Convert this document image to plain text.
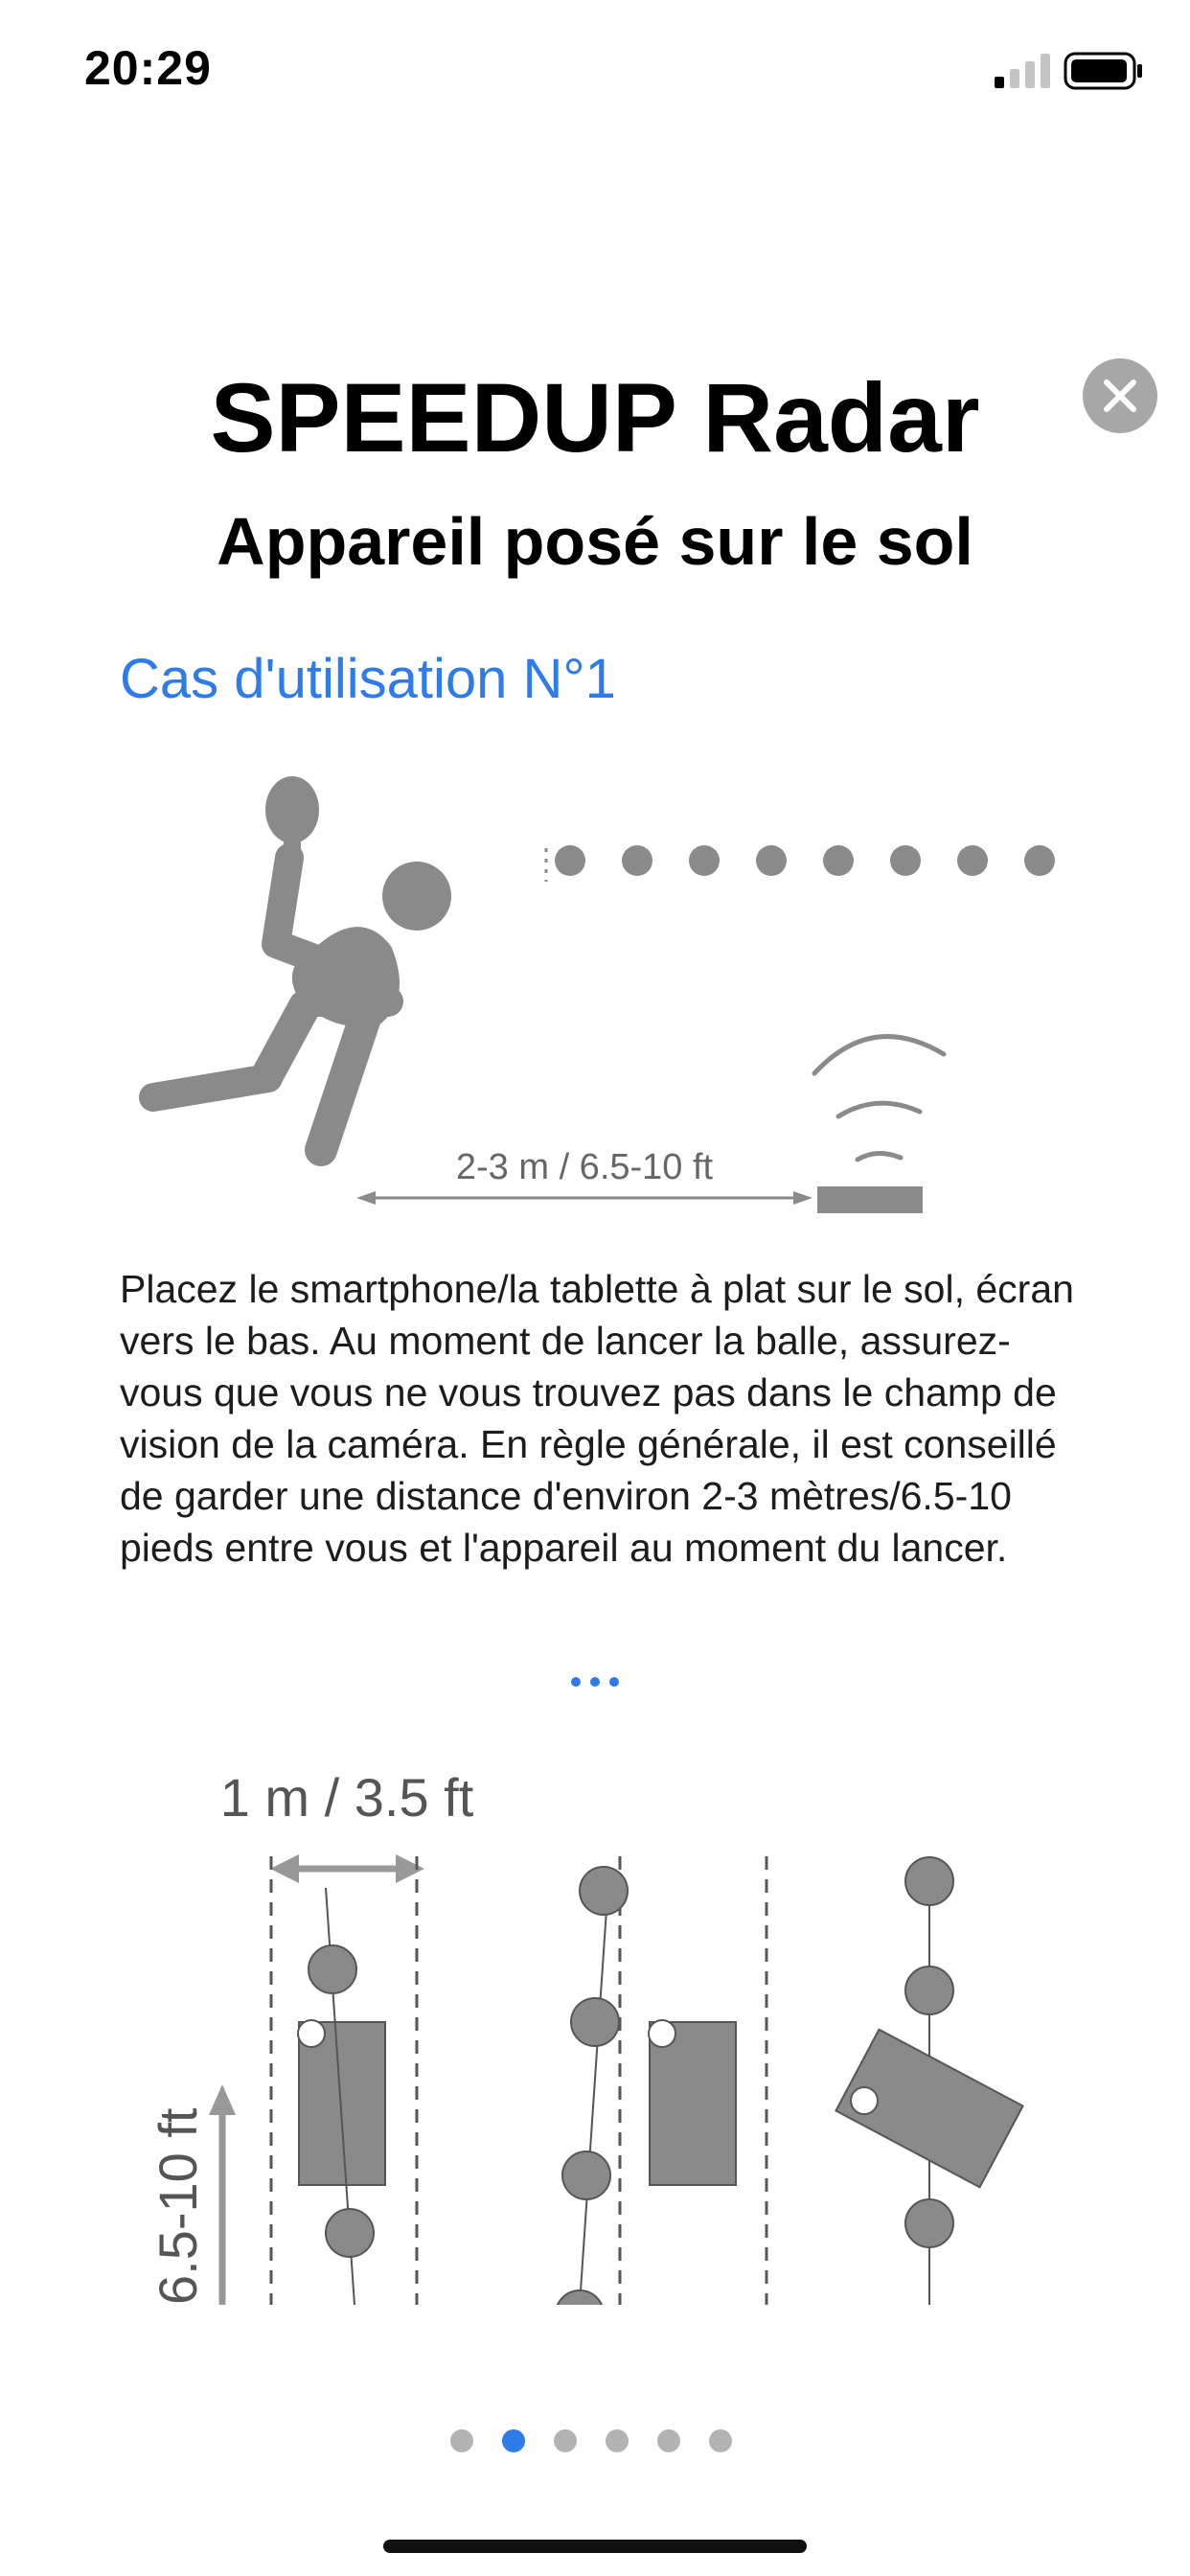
20:29
SPEEDUP Radar
Appareil posé sur le sol
Cas d'utilisation N°1
2-3 m / 6.5-10 ft
Placez le smartphone/la tablette à plat sur le sol, écran vers le bas. Au moment de lancer la balle, assurez-vous que vous ne vous trouvez pas dans le champ de vision de la caméra. En règle générale, il est conseillé de garder une distance d'environ 2-3 mètres/6.5-10 pieds entre vous et l'appareil au moment du lancer.
1 m / 3.5 ft
6.5-10 ft
